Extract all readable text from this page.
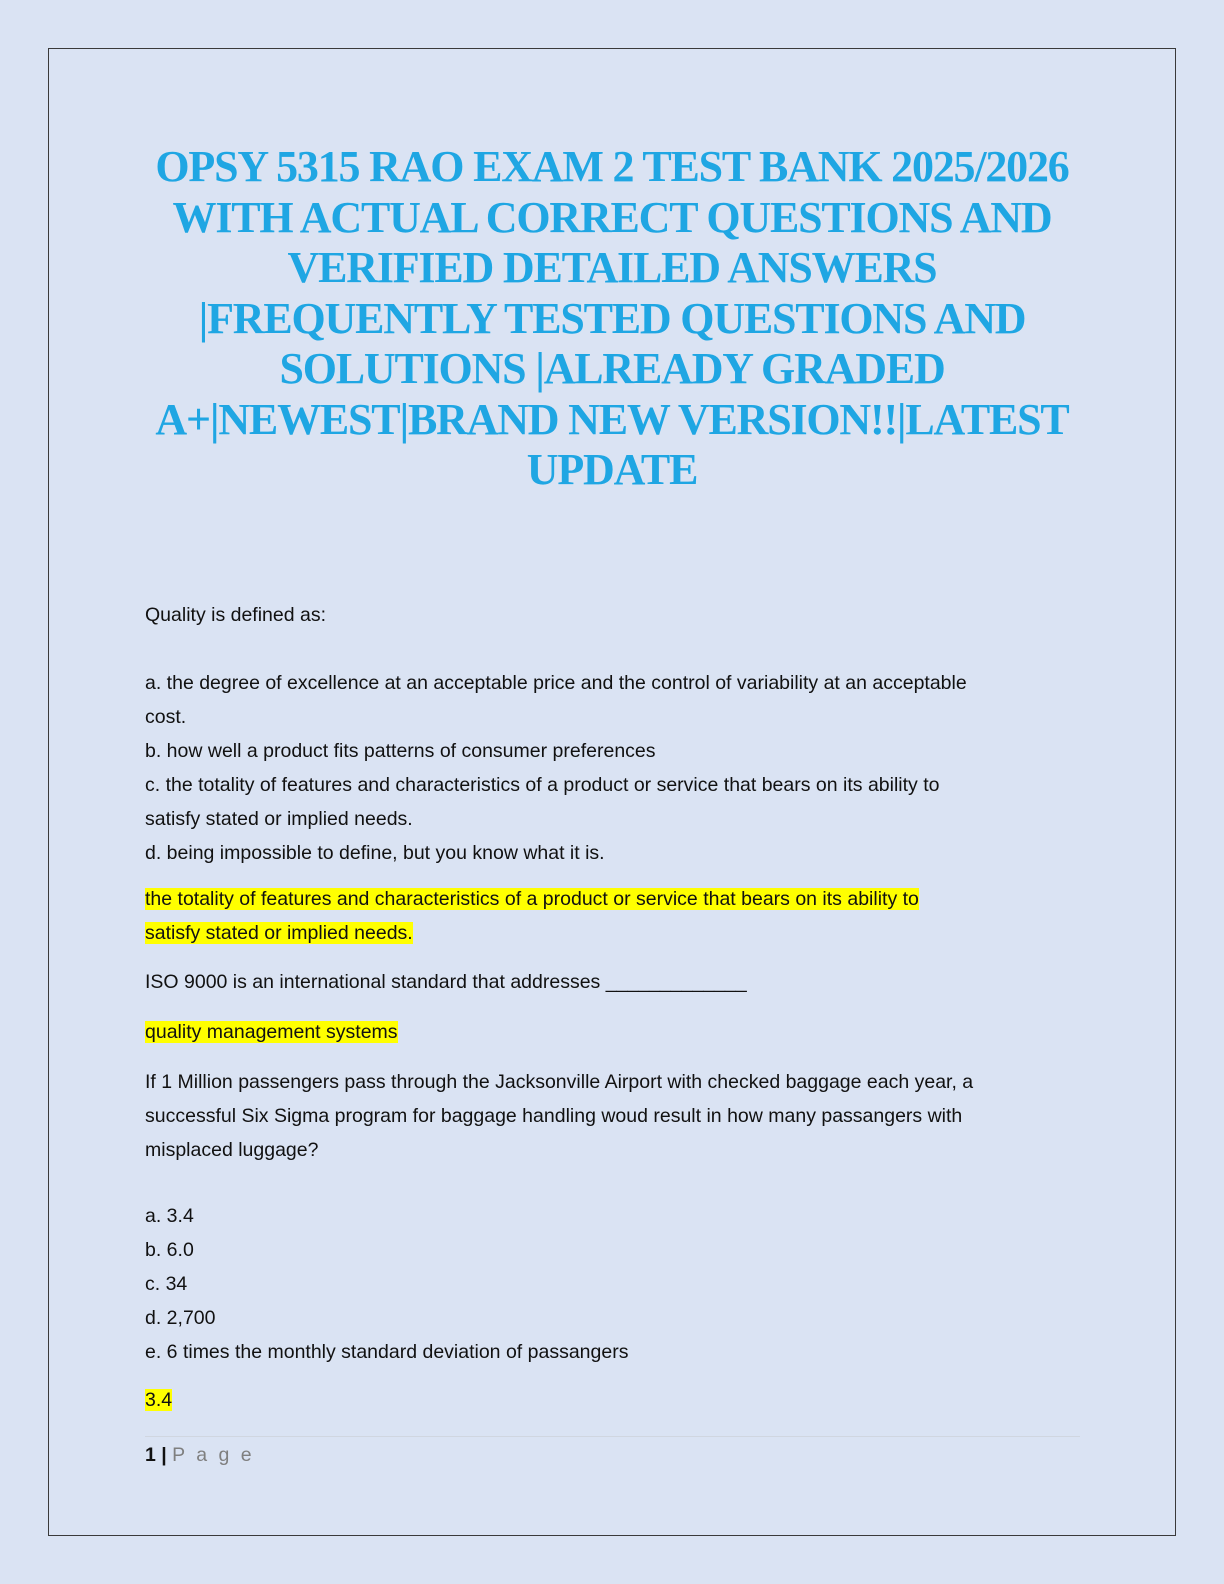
OPSY 5315 RAO EXAM 2 TEST BANK 2025/2026
WITH ACTUAL CORRECT QUESTIONS AND
VERIFIED DETAILED ANSWERS
|FREQUENTLY TESTED QUESTIONS AND
SOLUTIONS |ALREADY GRADED
A+|NEWEST|BRAND NEW VERSION!!|LATEST
UPDATE
Quality is defined as:
a. the degree of excellence at an acceptable price and the control of variability at an acceptable
cost.
b. how well a product fits patterns of consumer preferences
c. the totality of features and characteristics of a product or service that bears on its ability to
satisfy stated or implied needs.
d. being impossible to define, but you know what it is.
the totality of features and characteristics of a product or service that bears on its ability to
satisfy stated or implied needs.
ISO 9000 is an international standard that addresses _____________
quality management systems
If 1 Million passengers pass through the Jacksonville Airport with checked baggage each year, a
successful Six Sigma program for baggage handling woud result in how many passangers with
misplaced luggage?
a. 3.4
b. 6.0
c. 34
d. 2,700
e. 6 times the monthly standard deviation of passangers
3.4
1 | P a g e
